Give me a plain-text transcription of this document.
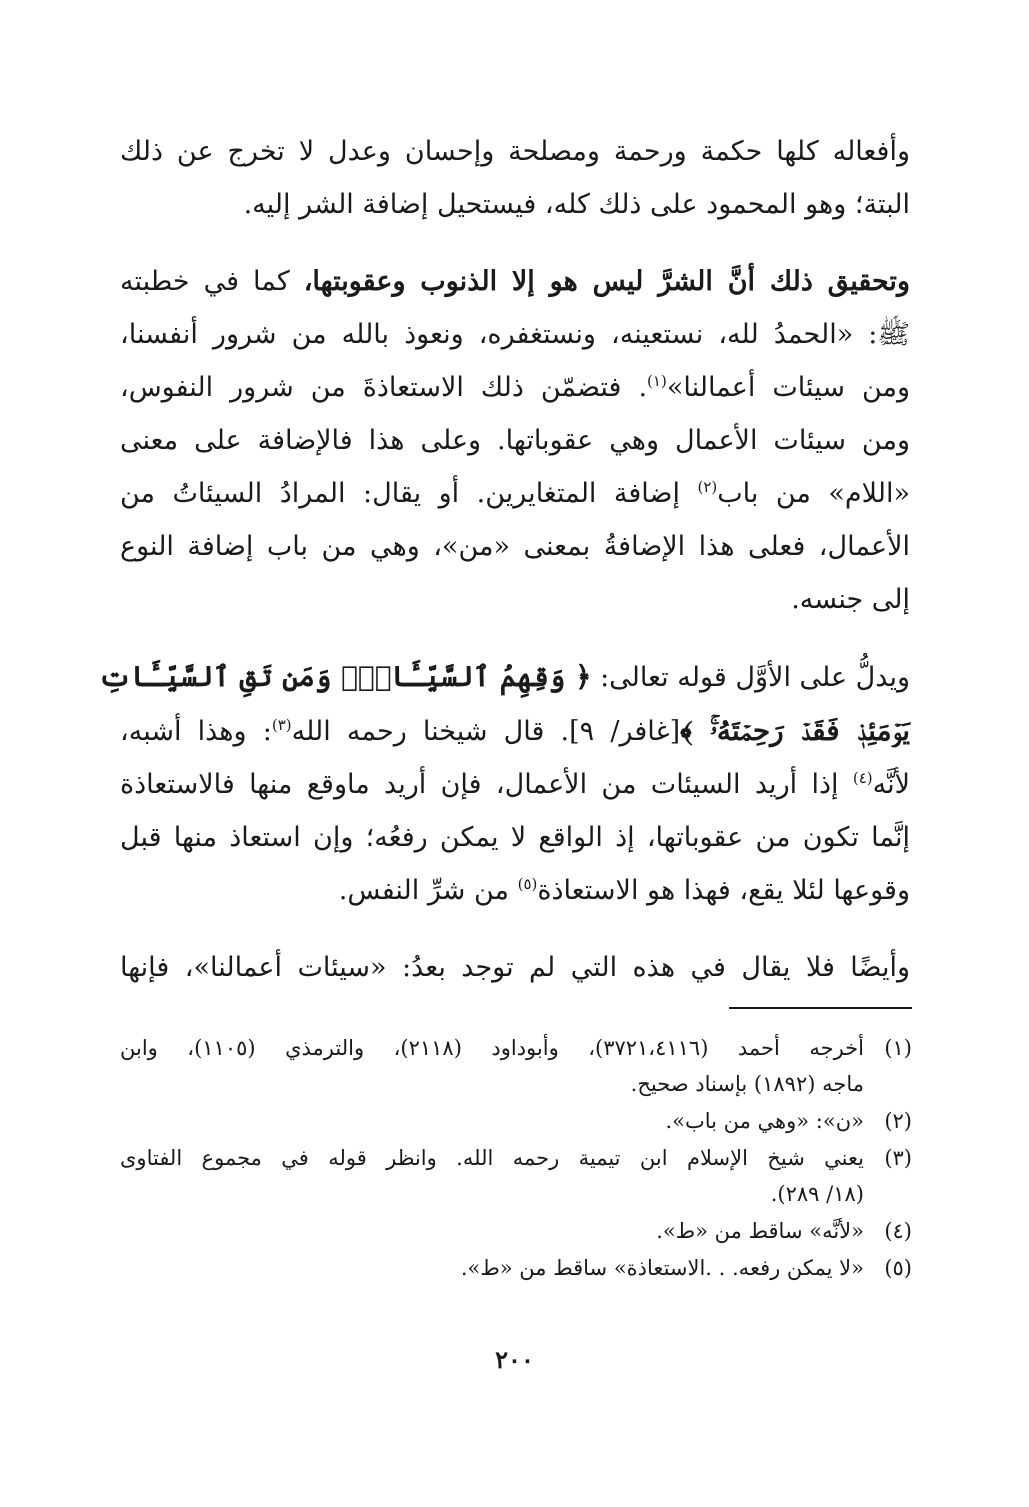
وأفعاله كلها حكمة ورحمة ومصلحة وإحسان وعدل لا تخرج عن ذلك
البتة؛ وهو المحمود على ذلك كله، فيستحيل إضافة الشر إليه.

وتحقيق ذلك أنَّ الشرَّ ليس هو إلا الذنوب وعقوبتها، كما في خطبته
ﷺ: «الحمدُ لله، نستعينه، ونستغفره، ونعوذ بالله من شرور أنفسنا،
ومن سيئات أعمالنا»$^{(١)}$. فتضمّن ذلك الاستعاذةَ من شرور النفوس،
ومن سيئات الأعمال وهي عقوباتها. وعلى هذا فالإضافة على معنى
«اللام» من باب$^{(٢)}$ إضافة المتغايرين. أو يقال: المرادُ السيئاتُ من
الأعمال، فعلى هذا الإضافةُ بمعنى «من»، وهي من باب إضافة النوع
إلى جنسه.

ويدلُّ على الأوَّل قوله تعالى: ﴿ وَقِهِمُ ٱلسَّيِّـَٔاتِۚ وَمَن تَقِ ٱلسَّيِّـَٔاتِ
يَوۡمَئِذٖ فَقَدۡ رَحِمۡتَهُۥۚ ﴾[غافر/ ٩]. قال شيخنا رحمه الله$^{(٣)}$: وهذا أشبه،
لأنَّه$^{(٤)}$ إذا أريد السيئات من الأعمال، فإن أريد ماوقع منها فالاستعاذة
إنَّما تكون من عقوباتها، إذ الواقع لا يمكن رفعُه؛ وإن استعاذ منها قبل
وقوعها لئلا يقع، فهذا هو الاستعاذة$^{(٥)}$ من شرِّ النفس.

وأيضًا فلا يقال في هذه التي لم توجد بعدُ: «سيئات أعمالنا»، فإنها

(١)
أخرجه أحمد (٣٧٢١،٤١١٦)، وأبوداود (٢١١٨)، والترمذي (١١٠٥)، وابن
ماجه (١٨٩٢) بإسناد صحيح.
(٢)
«ن»: «وهي من باب».
(٣)
يعني شيخ الإسلام ابن تيمية رحمه الله. وانظر قوله في مجموع الفتاوى
(١٨/ ٢٨٩).
(٤)
«لأنَّه» ساقط من «ط».
(٥)
«لا يمكن رفعه. . .الاستعاذة» ساقط من «ط».
٢٠٠
